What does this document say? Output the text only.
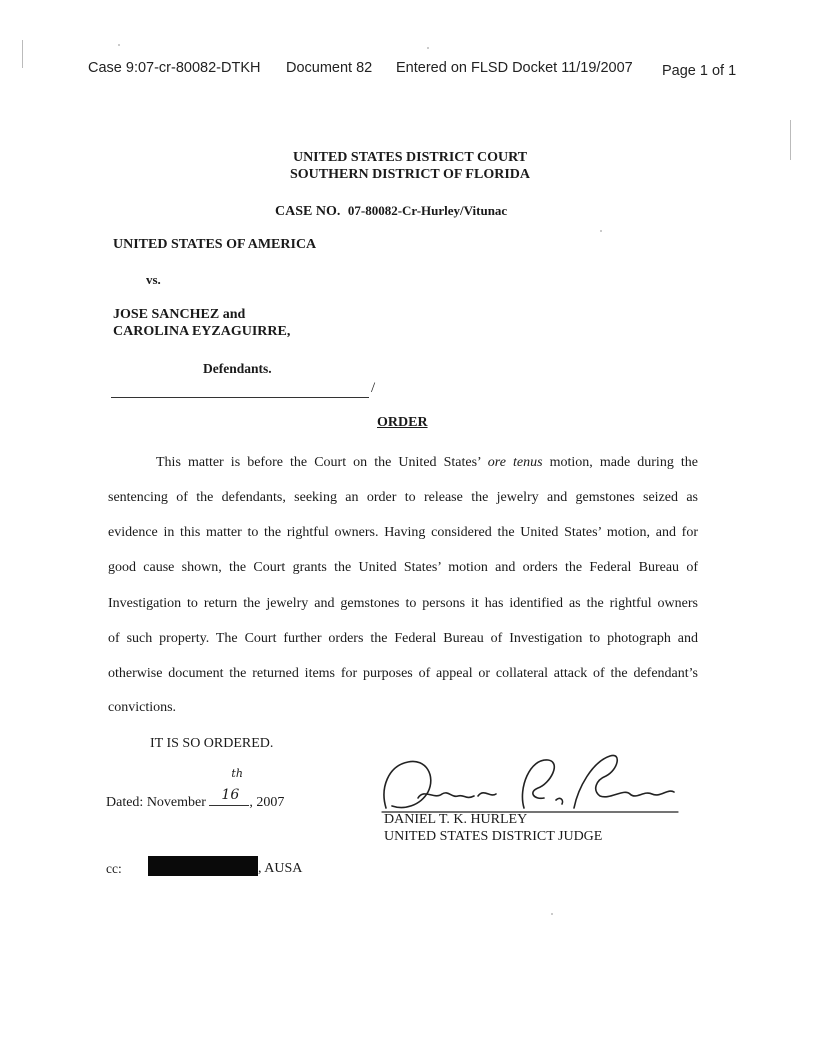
Case 9:07-cr-80082-DTKH Document 82 Entered on FLSD Docket 11/19/2007 Page 1 of 1
UNITED STATES DISTRICT COURT
SOUTHERN DISTRICT OF FLORIDA
CASE NO. 07-80082-Cr-Hurley/Vitunac
UNITED STATES OF AMERICA
vs.
JOSE SANCHEZ and
CAROLINA EYZAGUIRRE,
Defendants.
/
ORDER
This matter is before the Court on the United States’ ore tenus motion, made during the
sentencing of the defendants, seeking an order to release the jewelry and gemstones seized as
evidence in this matter to the rightful owners. Having considered the United States’ motion, and for
good cause shown, the Court grants the United States’ motion and orders the Federal Bureau of
Investigation to return the jewelry and gemstones to persons it has identified as the rightful owners
of such property. The Court further orders the Federal Bureau of Investigation to photograph and
otherwise document the returned items for purposes of appeal or collateral attack of the defendant’s
convictions.
IT IS SO ORDERED.
Dated: November 16
th
, 2007
DANIEL T. K. HURLEY
UNITED STATES DISTRICT JUDGE
cc:	, AUSA
